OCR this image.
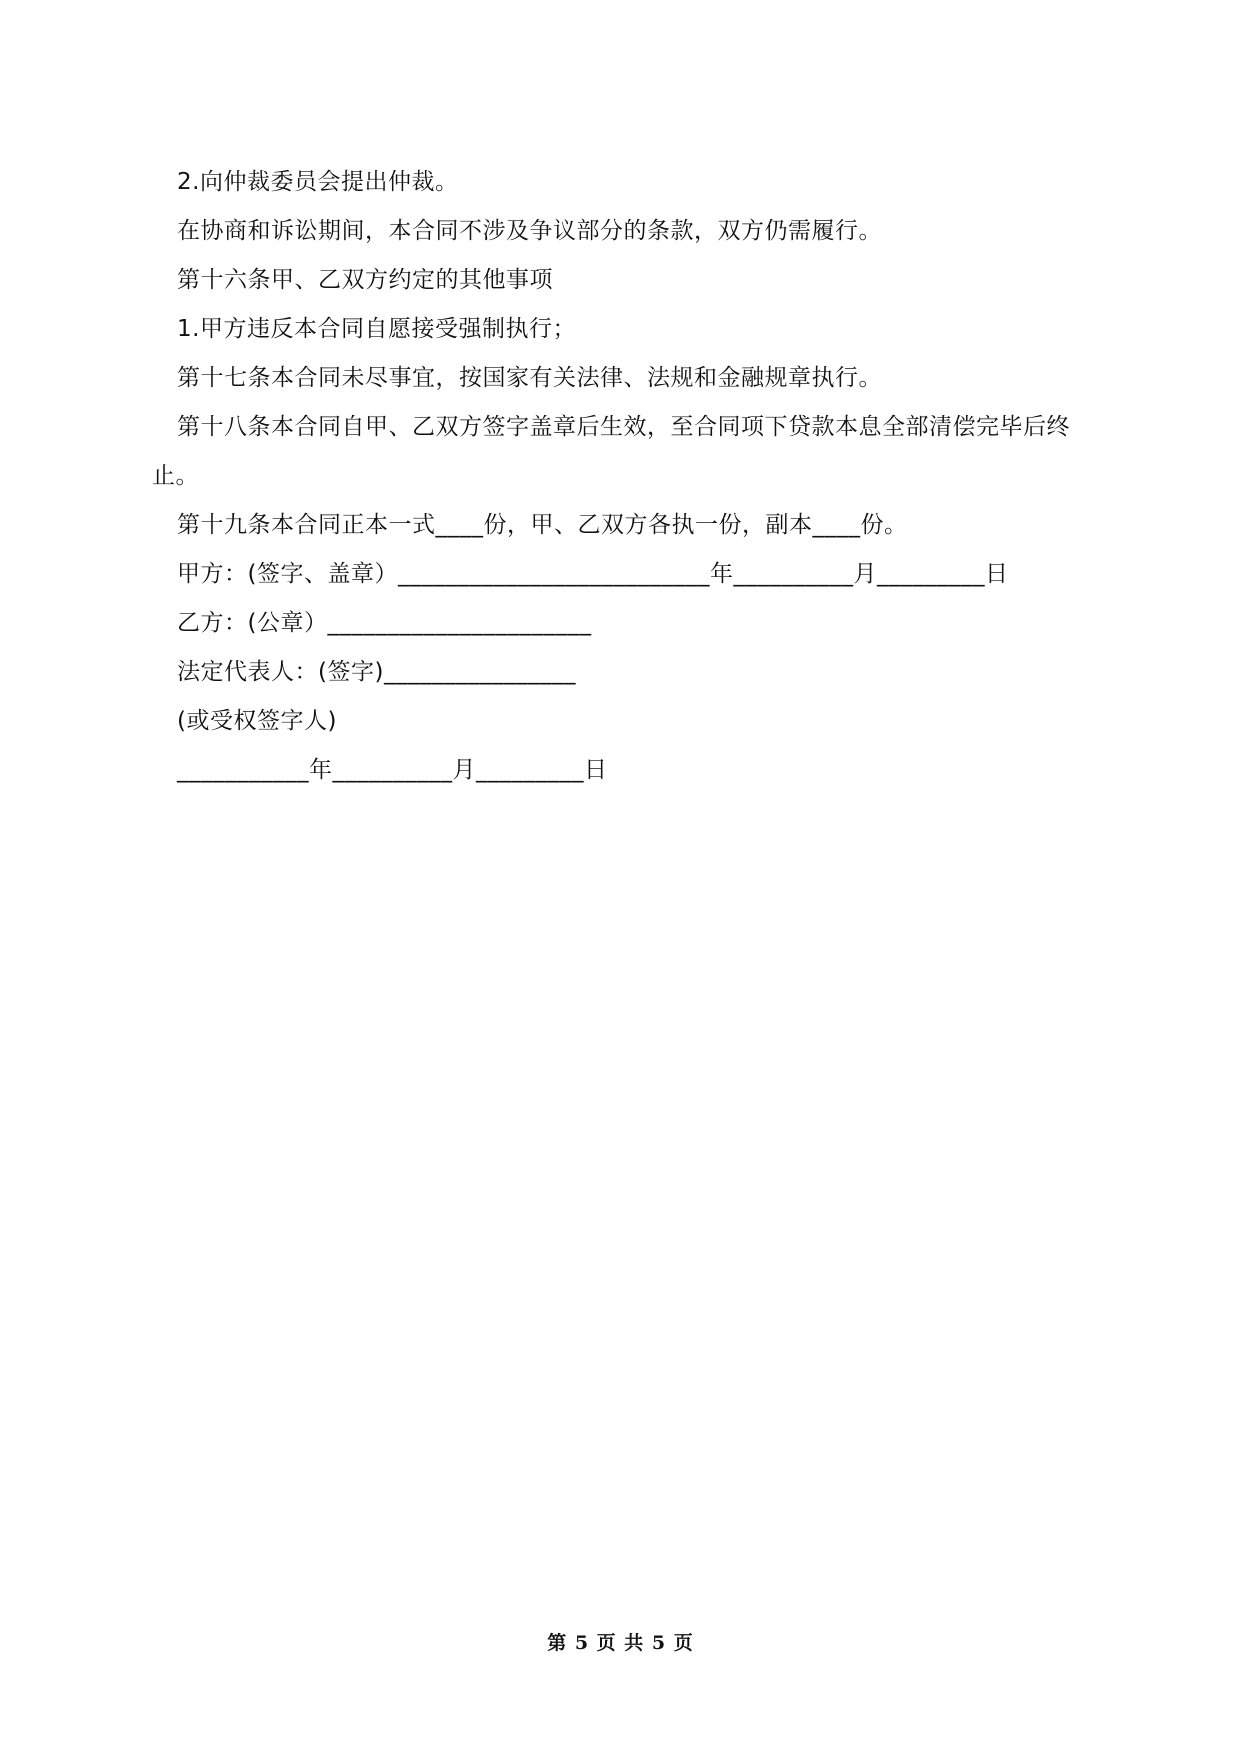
2.向仲裁委员会提出仲裁。

在协商和诉讼期间，本合同不涉及争议部分的条款，双方仍需履行。

第十六条甲、乙双方约定的其他事项

1.甲方违反本合同自愿接受强制执行；

第十七条本合同未尽事宜，按国家有关法律、法规和金融规章执行。

第十八条本合同自甲、乙双方签字盖章后生效，至合同项下贷款本息全部清偿完毕后终止。

第十九条本合同正本一式____份，甲、乙双方各执一份，副本____份。

甲方：(签字、盖章）__________________________年__________月_________日

乙方：(公章）______________________

法定代表人：(签字)________________

(或受权签字人)

___________年__________月_________日

第 5 页 共 5 页
